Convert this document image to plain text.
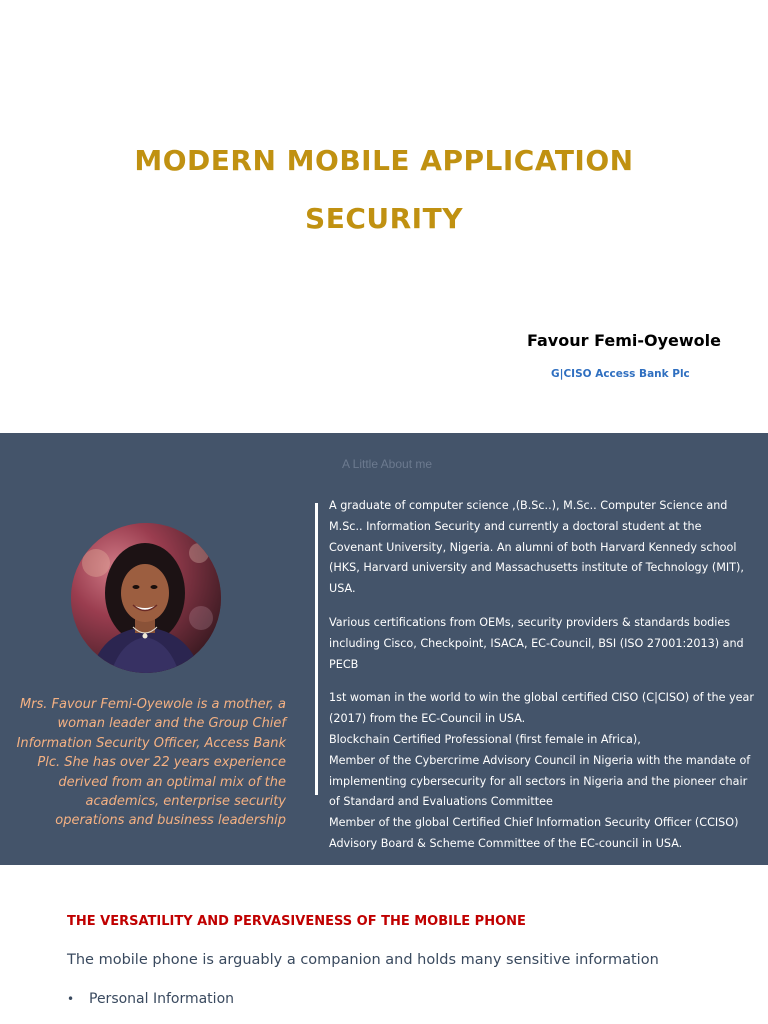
MODERN MOBILE APPLICATION
SECURITY
Favour Femi-Oyewole
G|CISO Access Bank Plc
A Little About me
Mrs. Favour Femi-Oyewole is a mother, a woman leader and the Group Chief Information Security Officer, Access Bank Plc. She has over 22 years experience derived from an optimal mix of the academics, enterprise security operations and business leadership

A graduate of computer science ,(B.Sc..), M.Sc.. Computer Science and M.Sc.. Information Security and currently a doctoral student at the Covenant University, Nigeria. An alumni of both Harvard Kennedy school (HKS, Harvard university and Massachusetts institute of Technology (MIT), USA.

Various certifications from OEMs, security providers & standards bodies including Cisco, Checkpoint, ISACA, EC-Council, BSI (ISO 27001:2013) and PECB

1st woman in the world to win the global certified CISO (C|CISO) of the year (2017) from the EC-Council in USA.

Blockchain Certified Professional (first female in Africa),

Member of the Cybercrime Advisory Council in Nigeria with the mandate of implementing cybersecurity for all sectors in Nigeria and the pioneer chair of Standard and Evaluations Committee

Member of the global Certified Chief Information Security Officer (CCISO) Advisory Board & Scheme Committee of the EC-council in USA.

THE VERSATILITY AND PERVASIVENESS OF THE MOBILE PHONE
The mobile phone is arguably a companion and holds many sensitive information
• Personal Information
